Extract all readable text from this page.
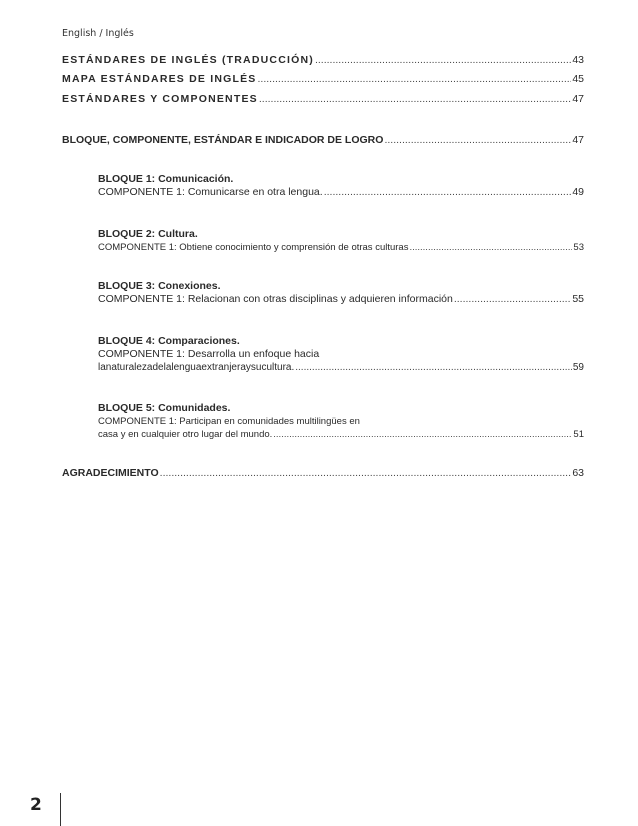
English / Inglés
ESTÁNDARES DE INGLÉS (TRADUCCIÓN) .....	43
MAPA ESTÁNDARES DE INGLÉS .....	45
ESTÁNDARES Y COMPONENTES .....	47
BLOQUE, COMPONENTE, ESTÁNDAR E INDICADOR DE LOGRO .....	47
BLOQUE 1: Comunicación.
COMPONENTE 1: Comunicarse en otra lengua. .....	49
BLOQUE 2: Cultura.
COMPONENTE 1: Obtiene conocimiento y comprensión de otras culturas .....	53
BLOQUE 3: Conexiones.
COMPONENTE 1: Relacionan con otras disciplinas y adquieren información .....	55
BLOQUE 4: Comparaciones.
COMPONENTE 1: Desarrolla un enfoque hacia
lanaturalezadelalenguaextranjeraysucultura. .....	59
BLOQUE 5: Comunidades.
COMPONENTE 1: Participan en comunidades multilingües en
casa y en cualquier otro lugar del mundo. .....	51
AGRADECIMIENTO .....	63
2
